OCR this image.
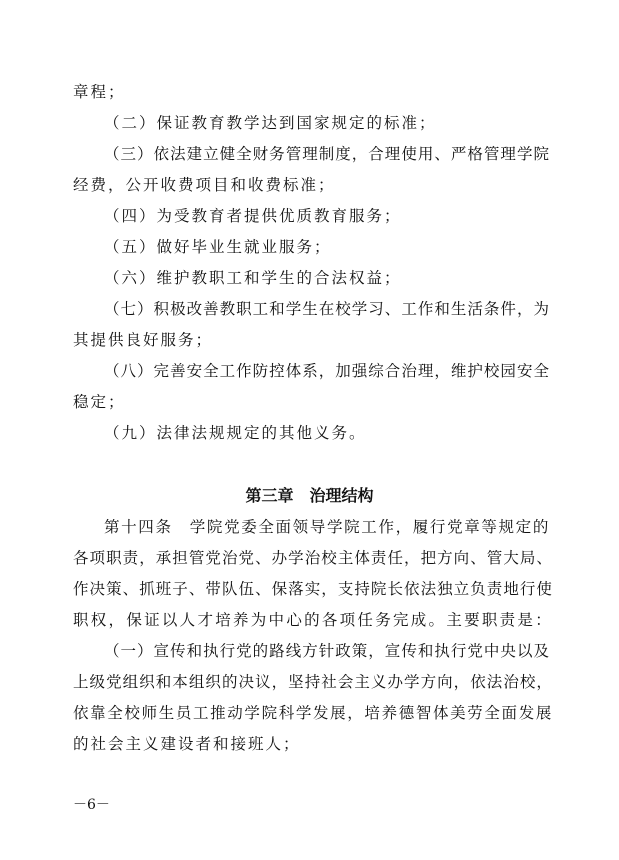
章程；
（二）保证教育教学达到国家规定的标准；
（三）依法建立健全财务管理制度，合理使用、严格管理学院
经费，公开收费项目和收费标准；
（四）为受教育者提供优质教育服务；
（五）做好毕业生就业服务；
（六）维护教职工和学生的合法权益；
（七）积极改善教职工和学生在校学习、工作和生活条件，为
其提供良好服务；
（八）完善安全工作防控体系，加强综合治理，维护校园安全
稳定；
（九）法律法规规定的其他义务。
第三章　治理结构
第十四条　学院党委全面领导学院工作，履行党章等规定的
各项职责，承担管党治党、办学治校主体责任，把方向、管大局、
作决策、抓班子、带队伍、保落实，支持院长依法独立负责地行使
职权，保证以人才培养为中心的各项任务完成。主要职责是：
（一）宣传和执行党的路线方针政策，宣传和执行党中央以及
上级党组织和本组织的决议，坚持社会主义办学方向，依法治校，
依靠全校师生员工推动学院科学发展，培养德智体美劳全面发展
的社会主义建设者和接班人；
－6－
